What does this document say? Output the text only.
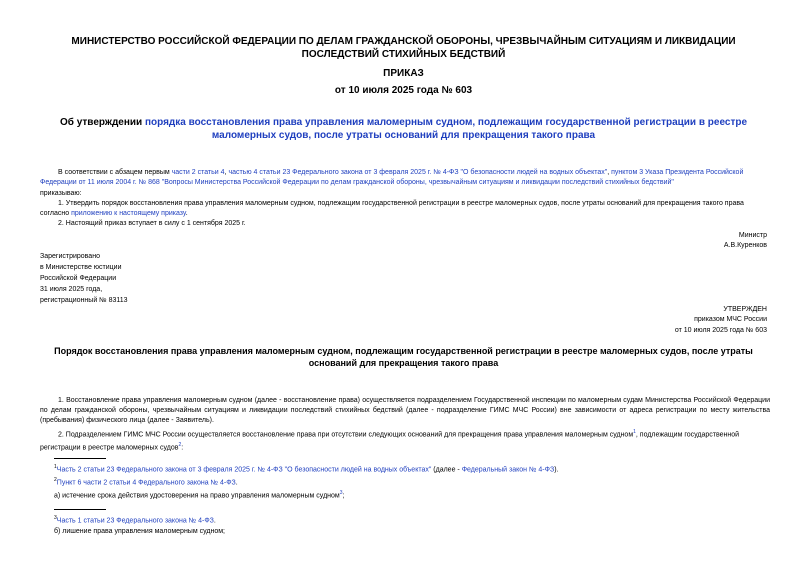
МИНИСТЕРСТВО РОССИЙСКОЙ ФЕДЕРАЦИИ ПО ДЕЛАМ ГРАЖДАНСКОЙ ОБОРОНЫ, ЧРЕЗВЫЧАЙНЫМ СИТУАЦИЯМ И ЛИКВИДАЦИИ ПОСЛЕДСТВИЙ СТИХИЙНЫХ БЕДСТВИЙ
ПРИКАЗ
от 10 июля 2025 года № 603
Об утверждении порядка восстановления права управления маломерным судном, подлежащим государственной регистрации в реестре маломерных судов, после утраты оснований для прекращения такого права
В соответствии с абзацем первым части 2 статьи 4, частью 4 статьи 23 Федерального закона от 3 февраля 2025 г. № 4-ФЗ "О безопасности людей на водных объектах", пунктом 3 Указа Президента Российской Федерации от 11 июля 2004 г. № 868 "Вопросы Министерства Российской Федерации по делам гражданской обороны, чрезвычайным ситуациям и ликвидации последствий стихийных бедствий"
приказываю:
1. Утвердить порядок восстановления права управления маломерным судном, подлежащим государственной регистрации в реестре маломерных судов, после утраты оснований для прекращения такого права согласно приложению к настоящему приказу.
2. Настоящий приказ вступает в силу с 1 сентября 2025 г.
Министр
А.В.Куренков
Зарегистрировано
в Министерстве юстиции
Российской Федерации
31 июля 2025 года,
регистрационный № 83113
УТВЕРЖДЕН
приказом МЧС России
от 10 июля 2025 года № 603
Порядок восстановления права управления маломерным судном, подлежащим государственной регистрации в реестре маломерных судов, после утраты оснований для прекращения такого права
1. Восстановление права управления маломерным судном (далее - восстановление права) осуществляется подразделением Государственной инспекции по маломерным судам Министерства Российской Федерации по делам гражданской обороны, чрезвычайным ситуациям и ликвидации последствий стихийных бедствий (далее - подразделение ГИМС МЧС России) вне зависимости от адреса регистрации по месту жительства (пребывания) физического лица (далее - Заявитель).
2. Подразделением ГИМС МЧС России осуществляется восстановление права при отсутствии следующих оснований для прекращения права управления маломерным судном$^1$, подлежащим государственной регистрации в реестре маломерных судов$^2$:
$^1$Часть 2 статьи 23 Федерального закона от 3 февраля 2025 г. № 4-ФЗ "О безопасности людей на водных объектах" (далее - Федеральный закон № 4-ФЗ).
$^2$Пункт 6 части 2 статьи 4 Федерального закона № 4-ФЗ.
а) истечение срока действия удостоверения на право управления маломерным судном$^3$;
$^3$Часть 1 статьи 23 Федерального закона № 4-ФЗ.
б) лишение права управления маломерным судном;
